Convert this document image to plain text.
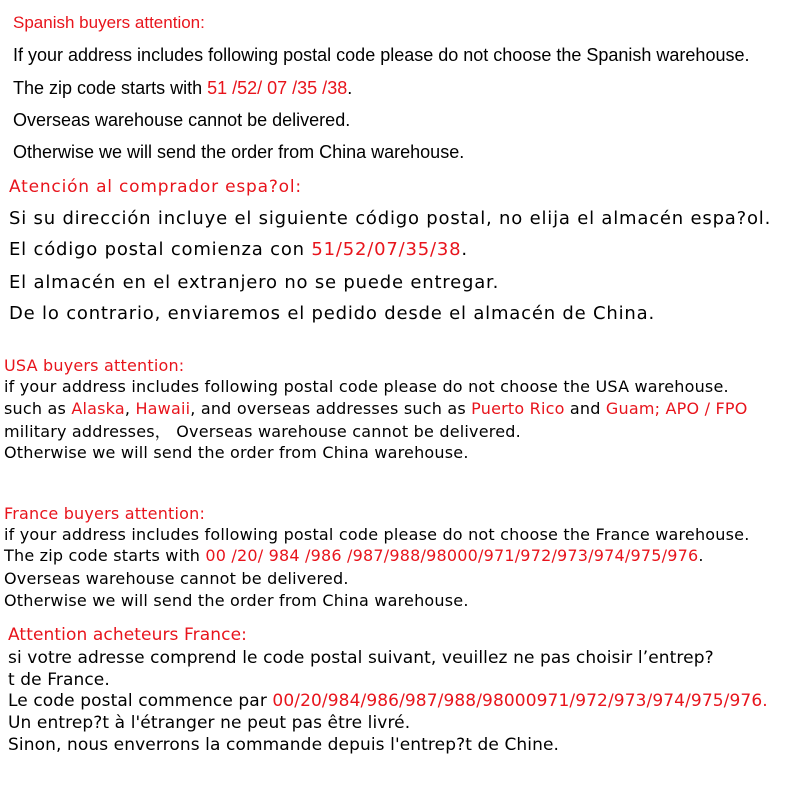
Spanish buyers attention:
If your address includes following postal code please do not choose the Spanish warehouse.
The zip code starts with 51 /52/ 07 /35 /38.
Overseas warehouse cannot be delivered.
Otherwise we will send the order from China warehouse.
Atención al comprador espa?ol:
Si su dirección incluye el siguiente código postal, no elija el almacén espa?ol.
El código postal comienza con 51/52/07/35/38.
El almacén en el extranjero no se puede entregar.
De lo contrario, enviaremos el pedido desde el almacén de China.
USA buyers attention:
if your address includes following postal code please do not choose the USA warehouse.
such as Alaska, Hawaii, and overseas addresses such as Puerto Rico and Guam; APO / FPO
military addresses， Overseas warehouse cannot be delivered.
Otherwise we will send the order from China warehouse.
France buyers attention:
if your address includes following postal code please do not choose the France warehouse.
The zip code starts with 00 /20/ 984 /986 /987/988/98000/971/972/973/974/975/976.
Overseas warehouse cannot be delivered.
Otherwise we will send the order from China warehouse.
Attention acheteurs France:
si votre adresse comprend le code postal suivant, veuillez ne pas choisir l’entrep?
t de France.
Le code postal commence par 00/20/984/986/987/988/98000971/972/973/974/975/976.
Un entrep?t à l'étranger ne peut pas être livré.
Sinon, nous enverrons la commande depuis l'entrep?t de Chine.
